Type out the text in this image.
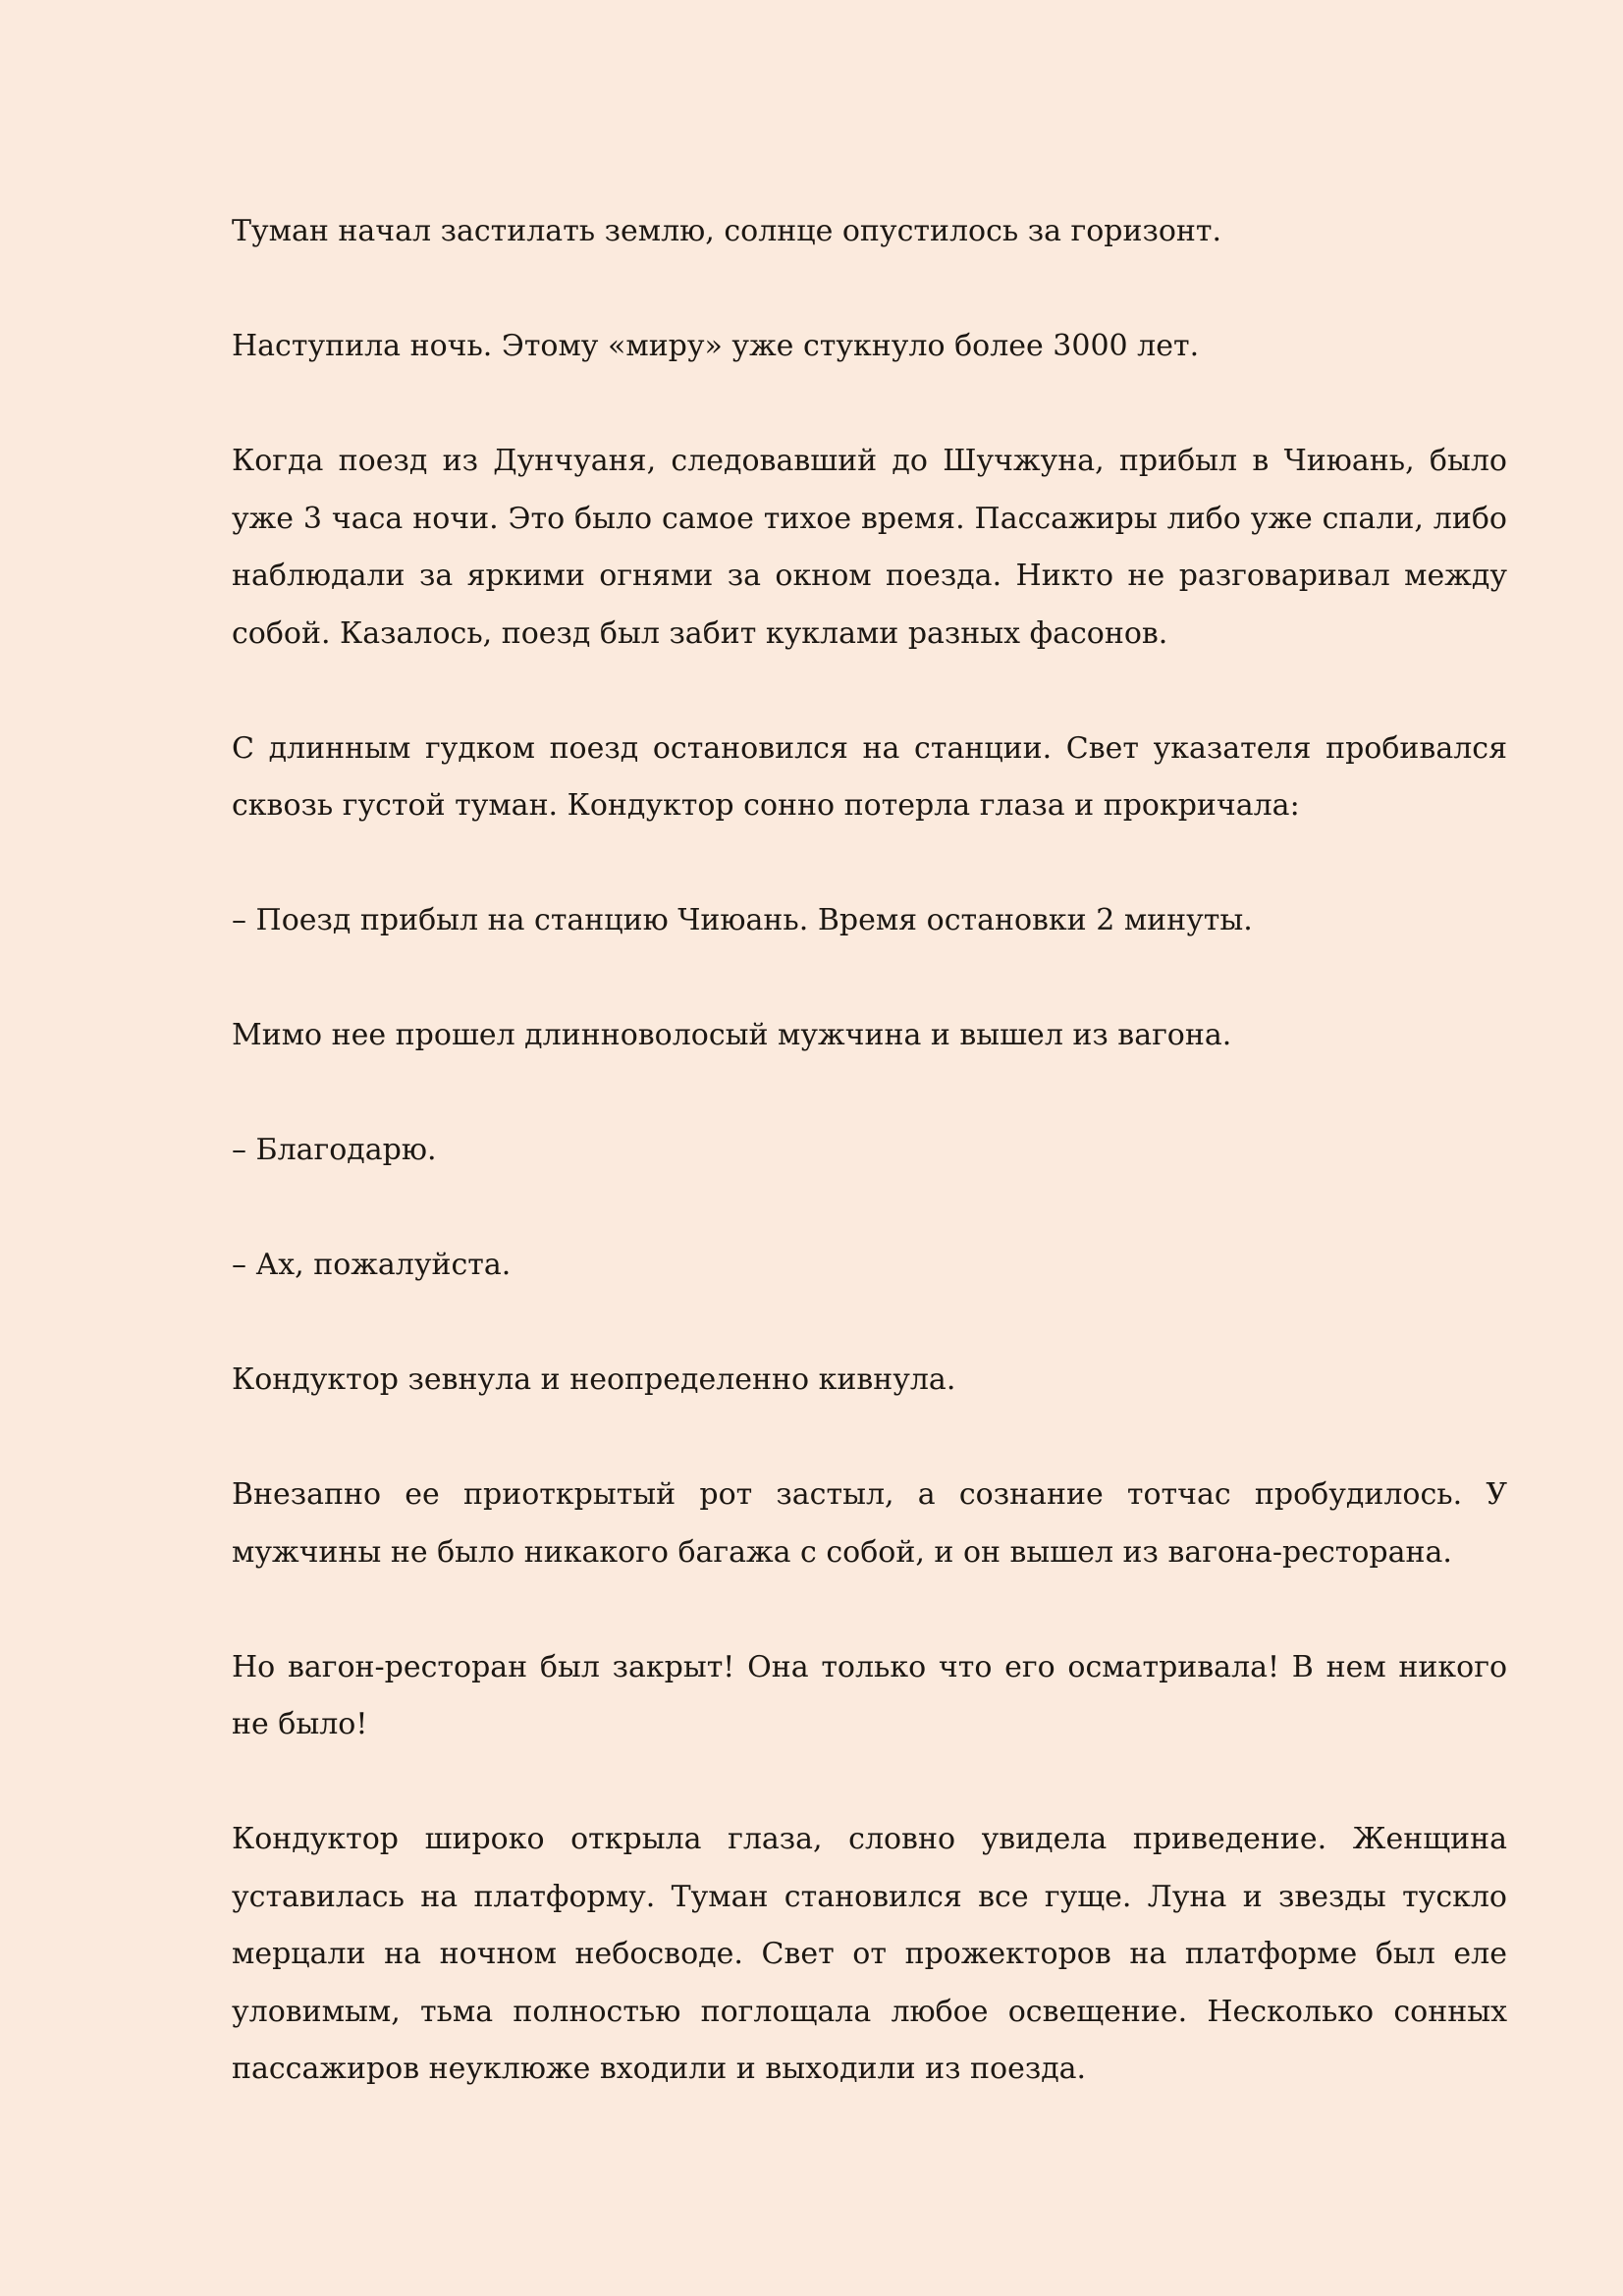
Туман начал застилать землю, солнце опустилось за горизонт.

Наступила ночь. Этому «миру» уже стукнуло более 3000 лет.

Когда поезд из Дунчуаня, следовавший до Шучжуна, прибыл в Чиюань, было уже 3 часа ночи. Это было самое тихое время. Пассажиры либо уже спали, либо наблюдали за яркими огнями за окном поезда. Никто не разговаривал между собой. Казалось, поезд был забит куклами разных фасонов.

С длинным гудком поезд остановился на станции. Свет указателя пробивался сквозь густой туман. Кондуктор сонно потерла глаза и прокричала:

– Поезд прибыл на станцию Чиюань. Время остановки 2 минуты.

Мимо нее прошел длинноволосый мужчина и вышел из вагона.

– Благодарю.

– Ах, пожалуйста.

Кондуктор зевнула и неопределенно кивнула.

Внезапно ее приоткрытый рот застыл, а сознание тотчас пробудилось. У мужчины не было никакого багажа с собой, и он вышел из вагона-ресторана.

Но вагон-ресторан был закрыт! Она только что его осматривала! В нем никого не было!

Кондуктор широко открыла глаза, словно увидела приведение. Женщина уставилась на платформу. Туман становился все гуще. Луна и звезды тускло мерцали на ночном небосводе. Свет от прожекторов на платформе был еле уловимым, тьма полностью поглощала любое освещение. Несколько сонных пассажиров неуклюже входили и выходили из поезда.
